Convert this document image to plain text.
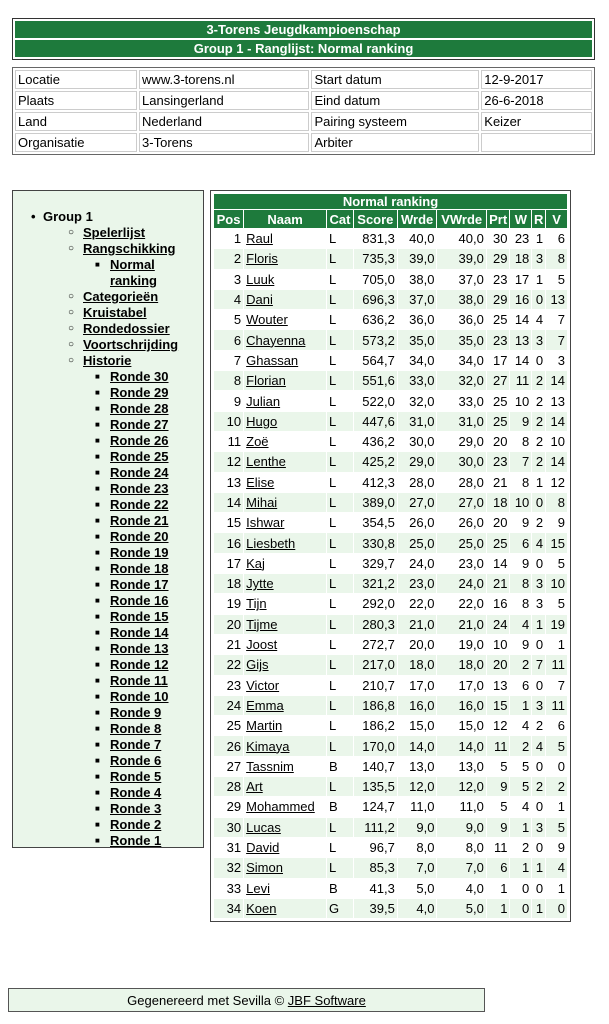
3-Torens Jeugdkampioenschap
Group 1 - Ranglijst: Normal ranking
Locatie	www.3-torens.nl	Start datum	12-9-2017
Plaats	Lansingerland	Eind datum	26-6-2018
Land	Nederland	Pairing systeem	Keizer
Organisatie	3-Torens	Arbiter	
• Group 1
○ Spelerlijst
○ Rangschikking
■ Normal ranking
○ Categorieën
○ Kruistabel
○ Rondedossier
○ Voortschrijding
○ Historie
■ Ronde 30
■ Ronde 29
■ Ronde 28
■ Ronde 27
■ Ronde 26
■ Ronde 25
■ Ronde 24
■ Ronde 23
■ Ronde 22
■ Ronde 21
■ Ronde 20
■ Ronde 19
■ Ronde 18
■ Ronde 17
■ Ronde 16
■ Ronde 15
■ Ronde 14
■ Ronde 13
■ Ronde 12
■ Ronde 11
■ Ronde 10
■ Ronde 9
■ Ronde 8
■ Ronde 7
■ Ronde 6
■ Ronde 5
■ Ronde 4
■ Ronde 3
■ Ronde 2
■ Ronde 1
Normal ranking									
Pos	Naam	Cat	Score	Wrde	VWrde	Prt	W	R	V
1	Raul	L	831,3	40,0	40,0	30	23	1	6
2	Floris	L	735,3	39,0	39,0	29	18	3	8
3	Luuk	L	705,0	38,0	37,0	23	17	1	5
4	Dani	L	696,3	37,0	38,0	29	16	0	13
5	Wouter	L	636,2	36,0	36,0	25	14	4	7
6	Chayenna	L	573,2	35,0	35,0	23	13	3	7
7	Ghassan	L	564,7	34,0	34,0	17	14	0	3
8	Florian	L	551,6	33,0	32,0	27	11	2	14
9	Julian	L	522,0	32,0	33,0	25	10	2	13
10	Hugo	L	447,6	31,0	31,0	25	9	2	14
11	Zoë	L	436,2	30,0	29,0	20	8	2	10
12	Lenthe	L	425,2	29,0	30,0	23	7	2	14
13	Elise	L	412,3	28,0	28,0	21	8	1	12
14	Mihai	L	389,0	27,0	27,0	18	10	0	8
15	Ishwar	L	354,5	26,0	26,0	20	9	2	9
16	Liesbeth	L	330,8	25,0	25,0	25	6	4	15
17	Kaj	L	329,7	24,0	23,0	14	9	0	5
18	Jytte	L	321,2	23,0	24,0	21	8	3	10
19	Tijn	L	292,0	22,0	22,0	16	8	3	5
20	Tijme	L	280,3	21,0	21,0	24	4	1	19
21	Joost	L	272,7	20,0	19,0	10	9	0	1
22	Gijs	L	217,0	18,0	18,0	20	2	7	11
23	Victor	L	210,7	17,0	17,0	13	6	0	7
24	Emma	L	186,8	16,0	16,0	15	1	3	11
25	Martin	L	186,2	15,0	15,0	12	4	2	6
26	Kimaya	L	170,0	14,0	14,0	11	2	4	5
27	Tassnim	B	140,7	13,0	13,0	5	5	0	0
28	Art	L	135,5	12,0	12,0	9	5	2	2
29	Mohammed	B	124,7	11,0	11,0	5	4	0	1
30	Lucas	L	111,2	9,0	9,0	9	1	3	5
31	David	L	96,7	8,0	8,0	11	2	0	9
32	Simon	L	85,3	7,0	7,0	6	1	1	4
33	Levi	B	41,3	5,0	4,0	1	0	0	1
34	Koen	G	39,5	4,0	5,0	1	0	1	0
Gegenereerd met Sevilla © JBF Software
